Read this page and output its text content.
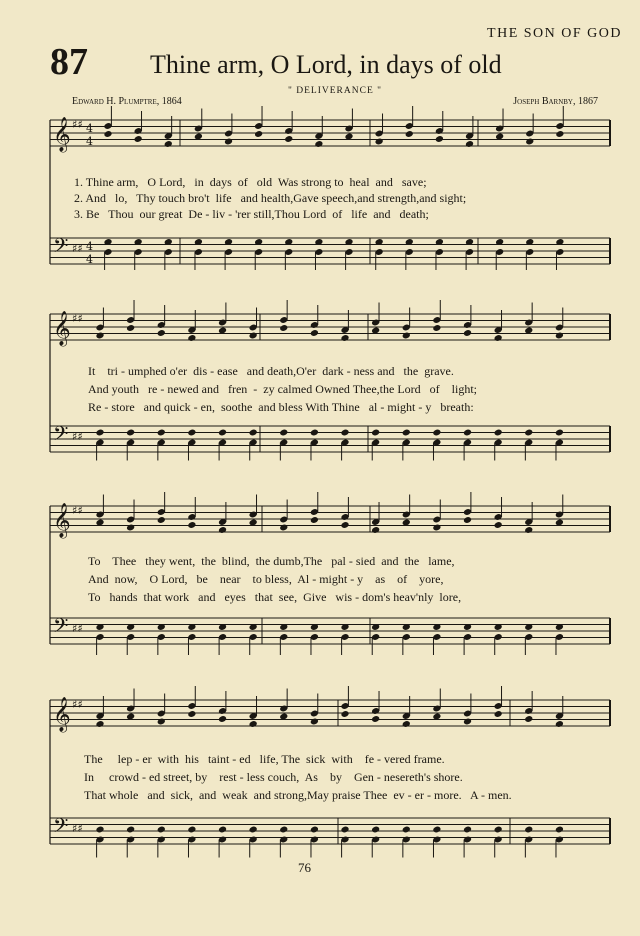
𝄞
𝄢
♯♯
♯♯
4
4
4
4
𝄞
𝄢
♯♯
♯♯
𝄞
𝄢
♯♯
♯♯
𝄞
𝄢
♯♯
♯♯
THE SON OF GOD
87 Thine arm, O Lord, in days of old
" DELIVERANCE "
Edward H. Plumptre, 1864	Joseph Barnby, 1867
1. Thine arm,   O Lord,   in  days  of   old  Was strong to  heal  and   save;
2. And   lo,   Thy touch bro't  life   and health,Gave speech,and strength,and sight;
3. Be   Thou  our great  De - liv - 'rer still,Thou Lord  of   life  and   death;
It    tri - umphed o'er  dis - ease   and death,O'er  dark - ness and   the  grave.
And youth   re - newed and   fren  -  zy calmed Owned Thee,the Lord   of    light;
Re - store   and quick - en,  soothe  and bless With Thine   al - might - y   breath:
To    Thee   they went,  the  blind,  the dumb,The   pal - sied  and  the   lame,
And  now,    O Lord,   be    near    to bless,  Al - might - y    as    of    yore,
To   hands  that work   and   eyes   that  see,  Give   wis - dom's heav'nly  lore,
The     lep - er  with  his   taint - ed   life, The  sick  with    fe - vered frame.
In     crowd - ed street, by    rest - less couch,  As    by    Gen - nesereth's shore.
That whole   and  sick,  and  weak  and strong,May praise Thee  ev - er - more.   A - men.
76
